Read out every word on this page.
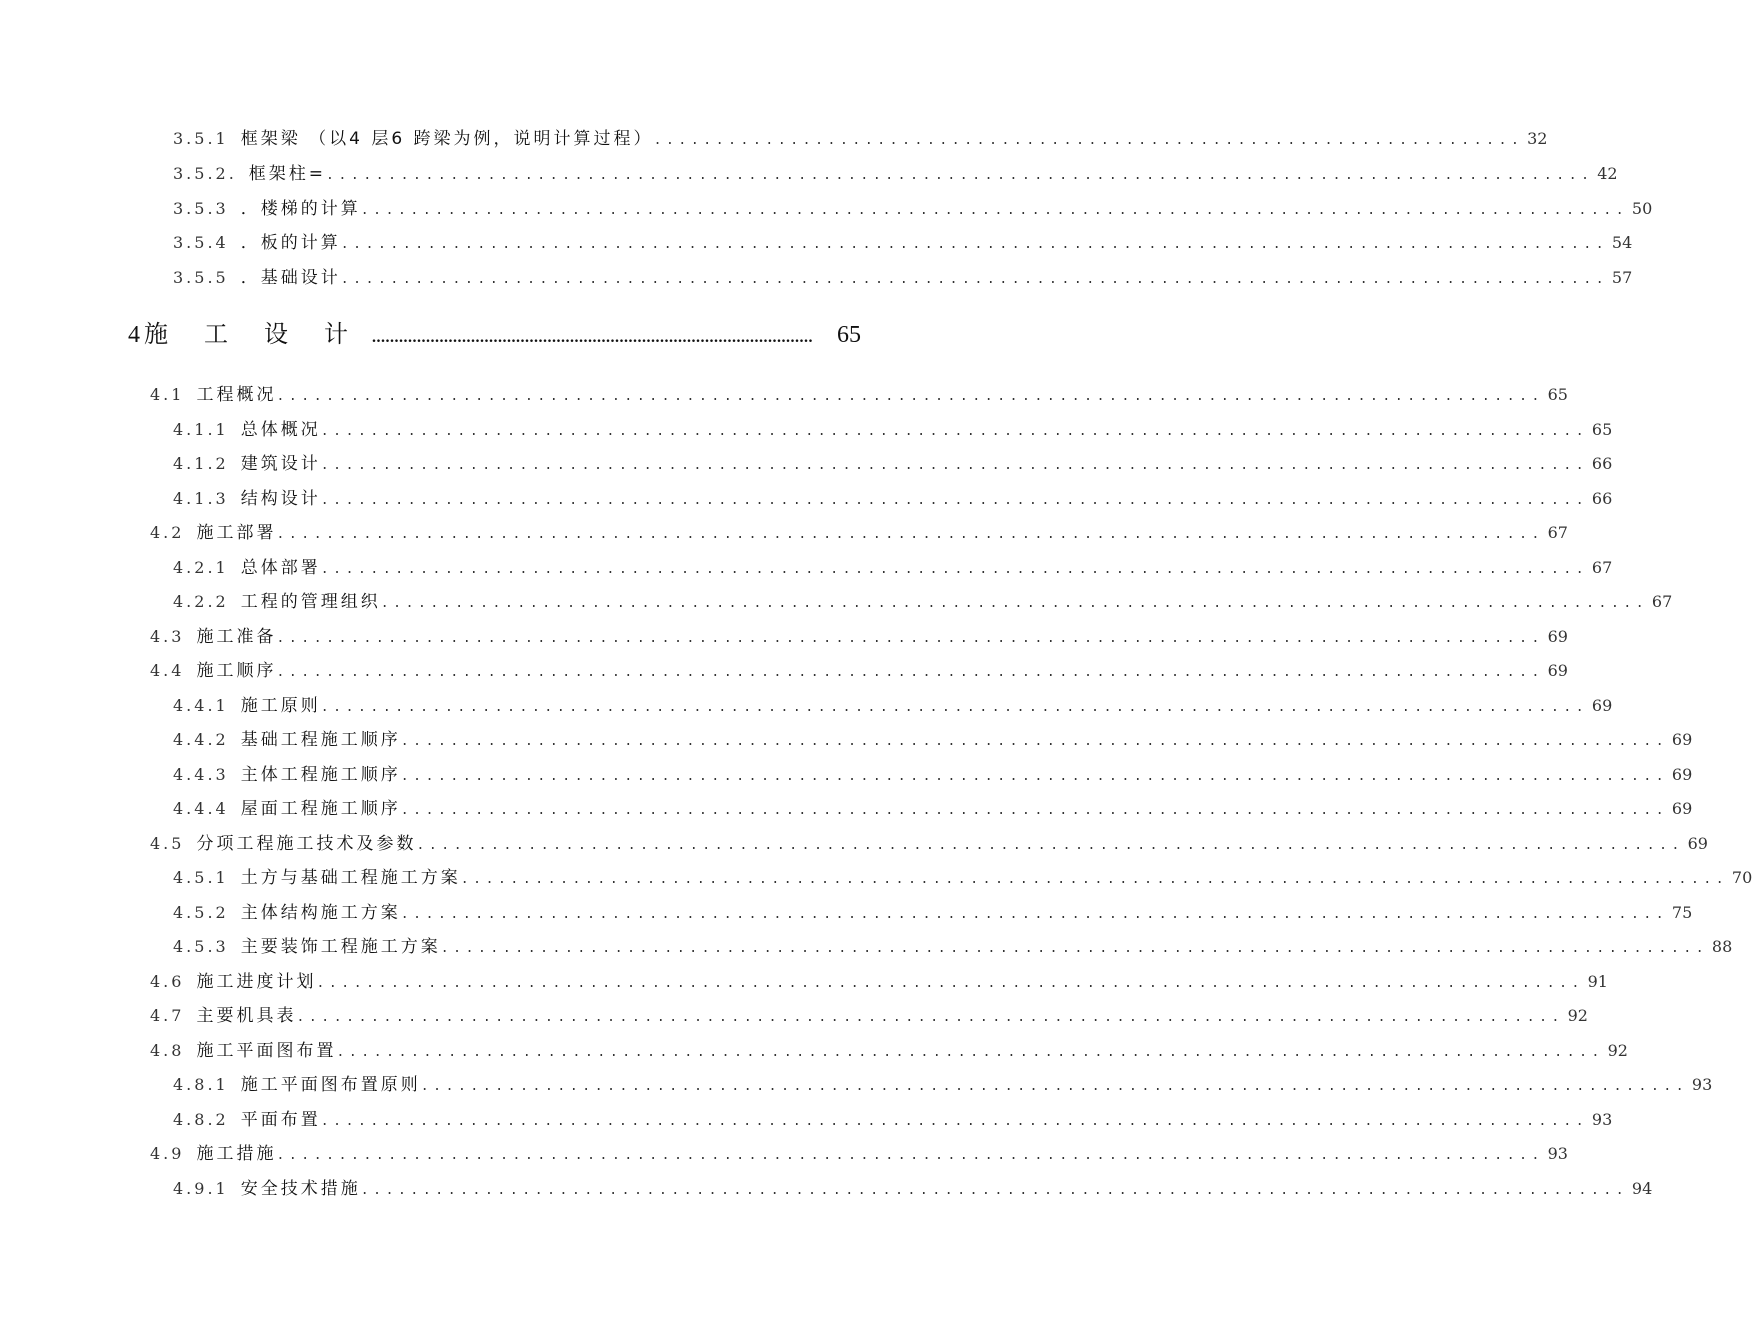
3.5.1 框架梁 （以4 层6 跨梁为例，说明计算过程） ...................................................................... 32
3.5.2. 框架柱= ...................................................................................................... 42
3.5.3 ．楼梯的计算 ...................................................................................................... 50
3.5.4 ．板的计算 ...................................................................................................... 54
3.5.5 ．基础设计 ...................................................................................................... 57
4 施工设计
.................................................................................................. 65
4.1 工程概况 ...................................................................................................... 65
4.1.1 总体概况 ...................................................................................................... 65
4.1.2 建筑设计 ...................................................................................................... 66
4.1.3 结构设计 ...................................................................................................... 66
4.2 施工部署 ...................................................................................................... 67
4.2.1 总体部署 ...................................................................................................... 67
4.2.2 工程的管理组织 ...................................................................................................... 67
4.3 施工准备 ...................................................................................................... 69
4.4 施工顺序 ...................................................................................................... 69
4.4.1 施工原则 ...................................................................................................... 69
4.4.2 基础工程施工顺序 ...................................................................................................... 69
4.4.3 主体工程施工顺序 ...................................................................................................... 69
4.4.4 屋面工程施工顺序 ...................................................................................................... 69
4.5 分项工程施工技术及参数 ...................................................................................................... 69
4.5.1 土方与基础工程施工方案 ...................................................................................................... 70
4.5.2 主体结构施工方案 ...................................................................................................... 75
4.5.3 主要装饰工程施工方案 ...................................................................................................... 88
4.6 施工进度计划 ...................................................................................................... 91
4.7 主要机具表 ...................................................................................................... 92
4.8 施工平面图布置 ...................................................................................................... 92
4.8.1 施工平面图布置原则 ...................................................................................................... 93
4.8.2 平面布置 ...................................................................................................... 93
4.9 施工措施 ...................................................................................................... 93
4.9.1 安全技术措施 ...................................................................................................... 94
